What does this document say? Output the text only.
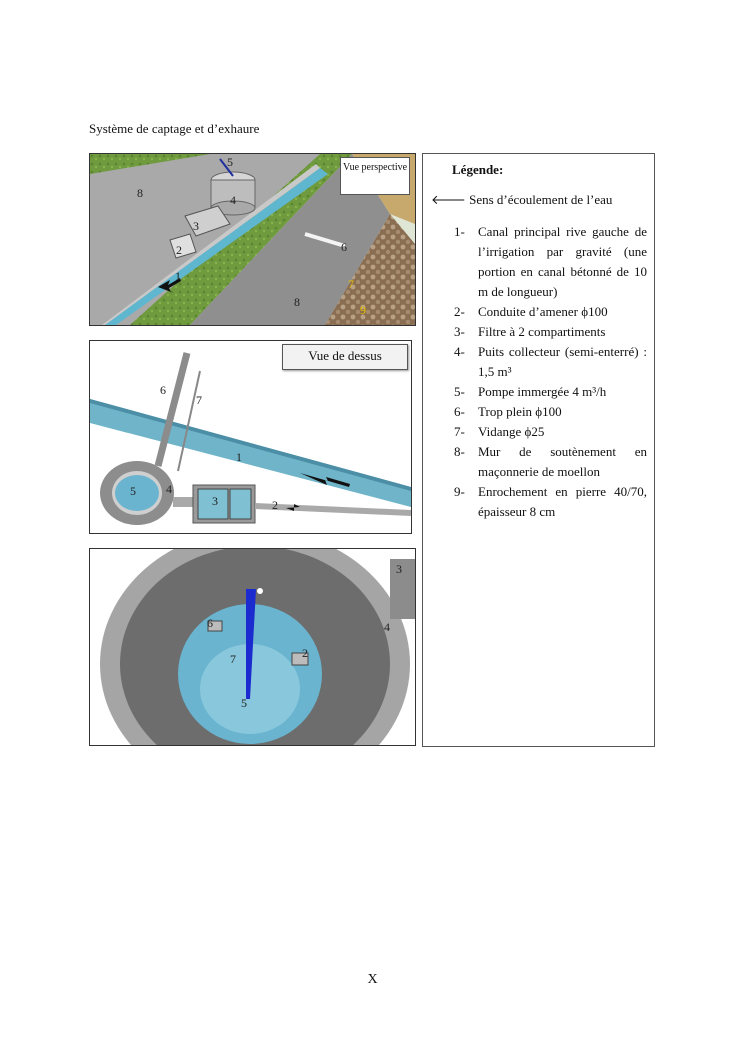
Système de captage et d’exhaure
5
8	4
3
2
1
6
8
7
9
Vue perspective
6
7
1
5	4
3	2
Vue de dessus
3
6	4
2
7
5
Légende:
🡐 Sens d’écoulement de l’eau
1- Canal principal rive gauche de l’irrigation par gravité (une portion en canal bétonné de 10 m de longueur)
2- Conduite d’amener ϕ100
3- Filtre à 2 compartiments
4- Puits collecteur (semi-enterré) : 1,5 m³
5- Pompe immergée 4 m³/h
6- Trop plein ϕ100
7- Vidange ϕ25
8- Mur de soutènement en maçonnerie de moellon
9- Enrochement en pierre 40/70, épaisseur 8 cm
X
